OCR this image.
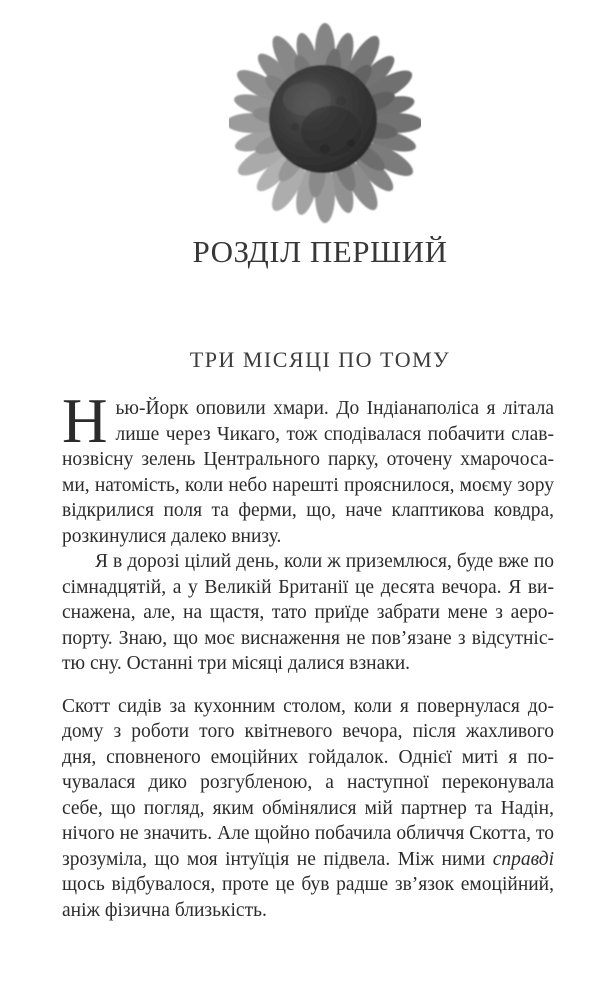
РОЗДІЛ ПЕРШИЙ
ТРИ МІСЯЦІ ПО ТОМУ

Нью-Йорк оповили хмари. До Індіанаполіса я літала лише через Чикаго, тож сподівалася побачити славнозвісну зелень Центрального парку, оточену хмарочосами, натомість, коли небо нарешті прояснилося, моєму зору відкрилися поля та ферми, що, наче клаптикова ковдра, розкинулися далеко внизу.

Я в дорозі цілий день, коли ж приземлюся, буде вже по сімнадцятій, а у Великій Британії це десята вечора. Я виснажена, але, на щастя, тато приїде забрати мене з аеропорту. Знаю, що моє виснаження не пов’язане з відсутністю сну. Останні три місяці далися взнаки.

Скотт сидів за кухонним столом, коли я повернулася додому з роботи того квітневого вечора, після жахливого дня, сповненого емоційних гойдалок. Однієї миті я почувалася дико розгубленою, а наступної переконувала себе, що погляд, яким обмінялися мій партнер та Надін, нічого не значить. Але щойно побачила обличчя Скотта, то зрозуміла, що моя інтуїція не підвела. Між ними справді щось відбувалося, проте це був радше зв’язок емоційний, аніж фізична близькість.
